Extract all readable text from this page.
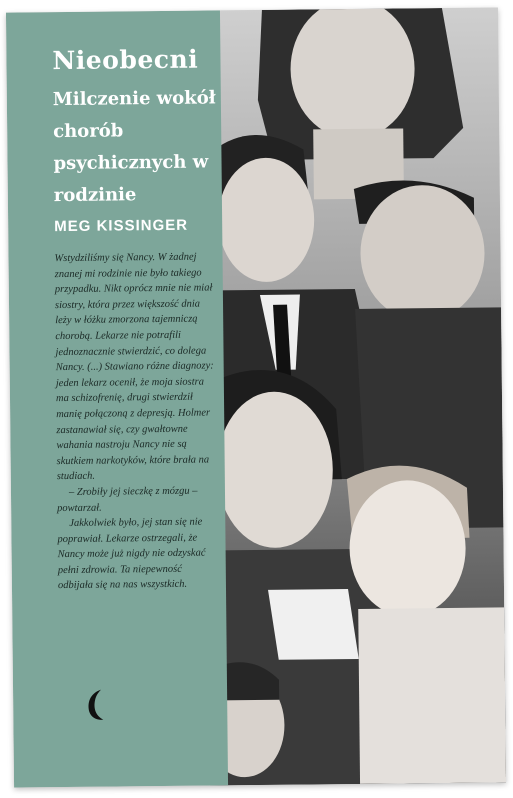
Nieobecni
Milczenie wokół chorób psychicznych w rodzinie
MEG KISSINGER

Wstydziliśmy się Nancy. W żadnej znanej mi rodzinie nie było takiego przypadku. Nikt oprócz mnie nie miał siostry, która przez większość dnia leży w łóżku zmorzona tajemniczą chorobą. Lekarze nie potrafili jednoznacznie stwierdzić, co dolega Nancy. (...) Stawiano różne diagnozy: jeden lekarz ocenił, że moja siostra ma schizofrenię, drugi stwierdził manię połączoną z depresją. Holmer zastanawiał się, czy gwałtowne wahania nastroju Nancy nie są skutkiem narkotyków, które brała na studiach.

– Zrobiły jej sieczkę z mózgu – powtarzał.

Jakkolwiek było, jej stan się nie poprawiał. Lekarze ostrzegali, że Nancy może już nigdy nie odzyskać pełni zdrowia. Ta niepewność odbijała się na nas wszystkich.
